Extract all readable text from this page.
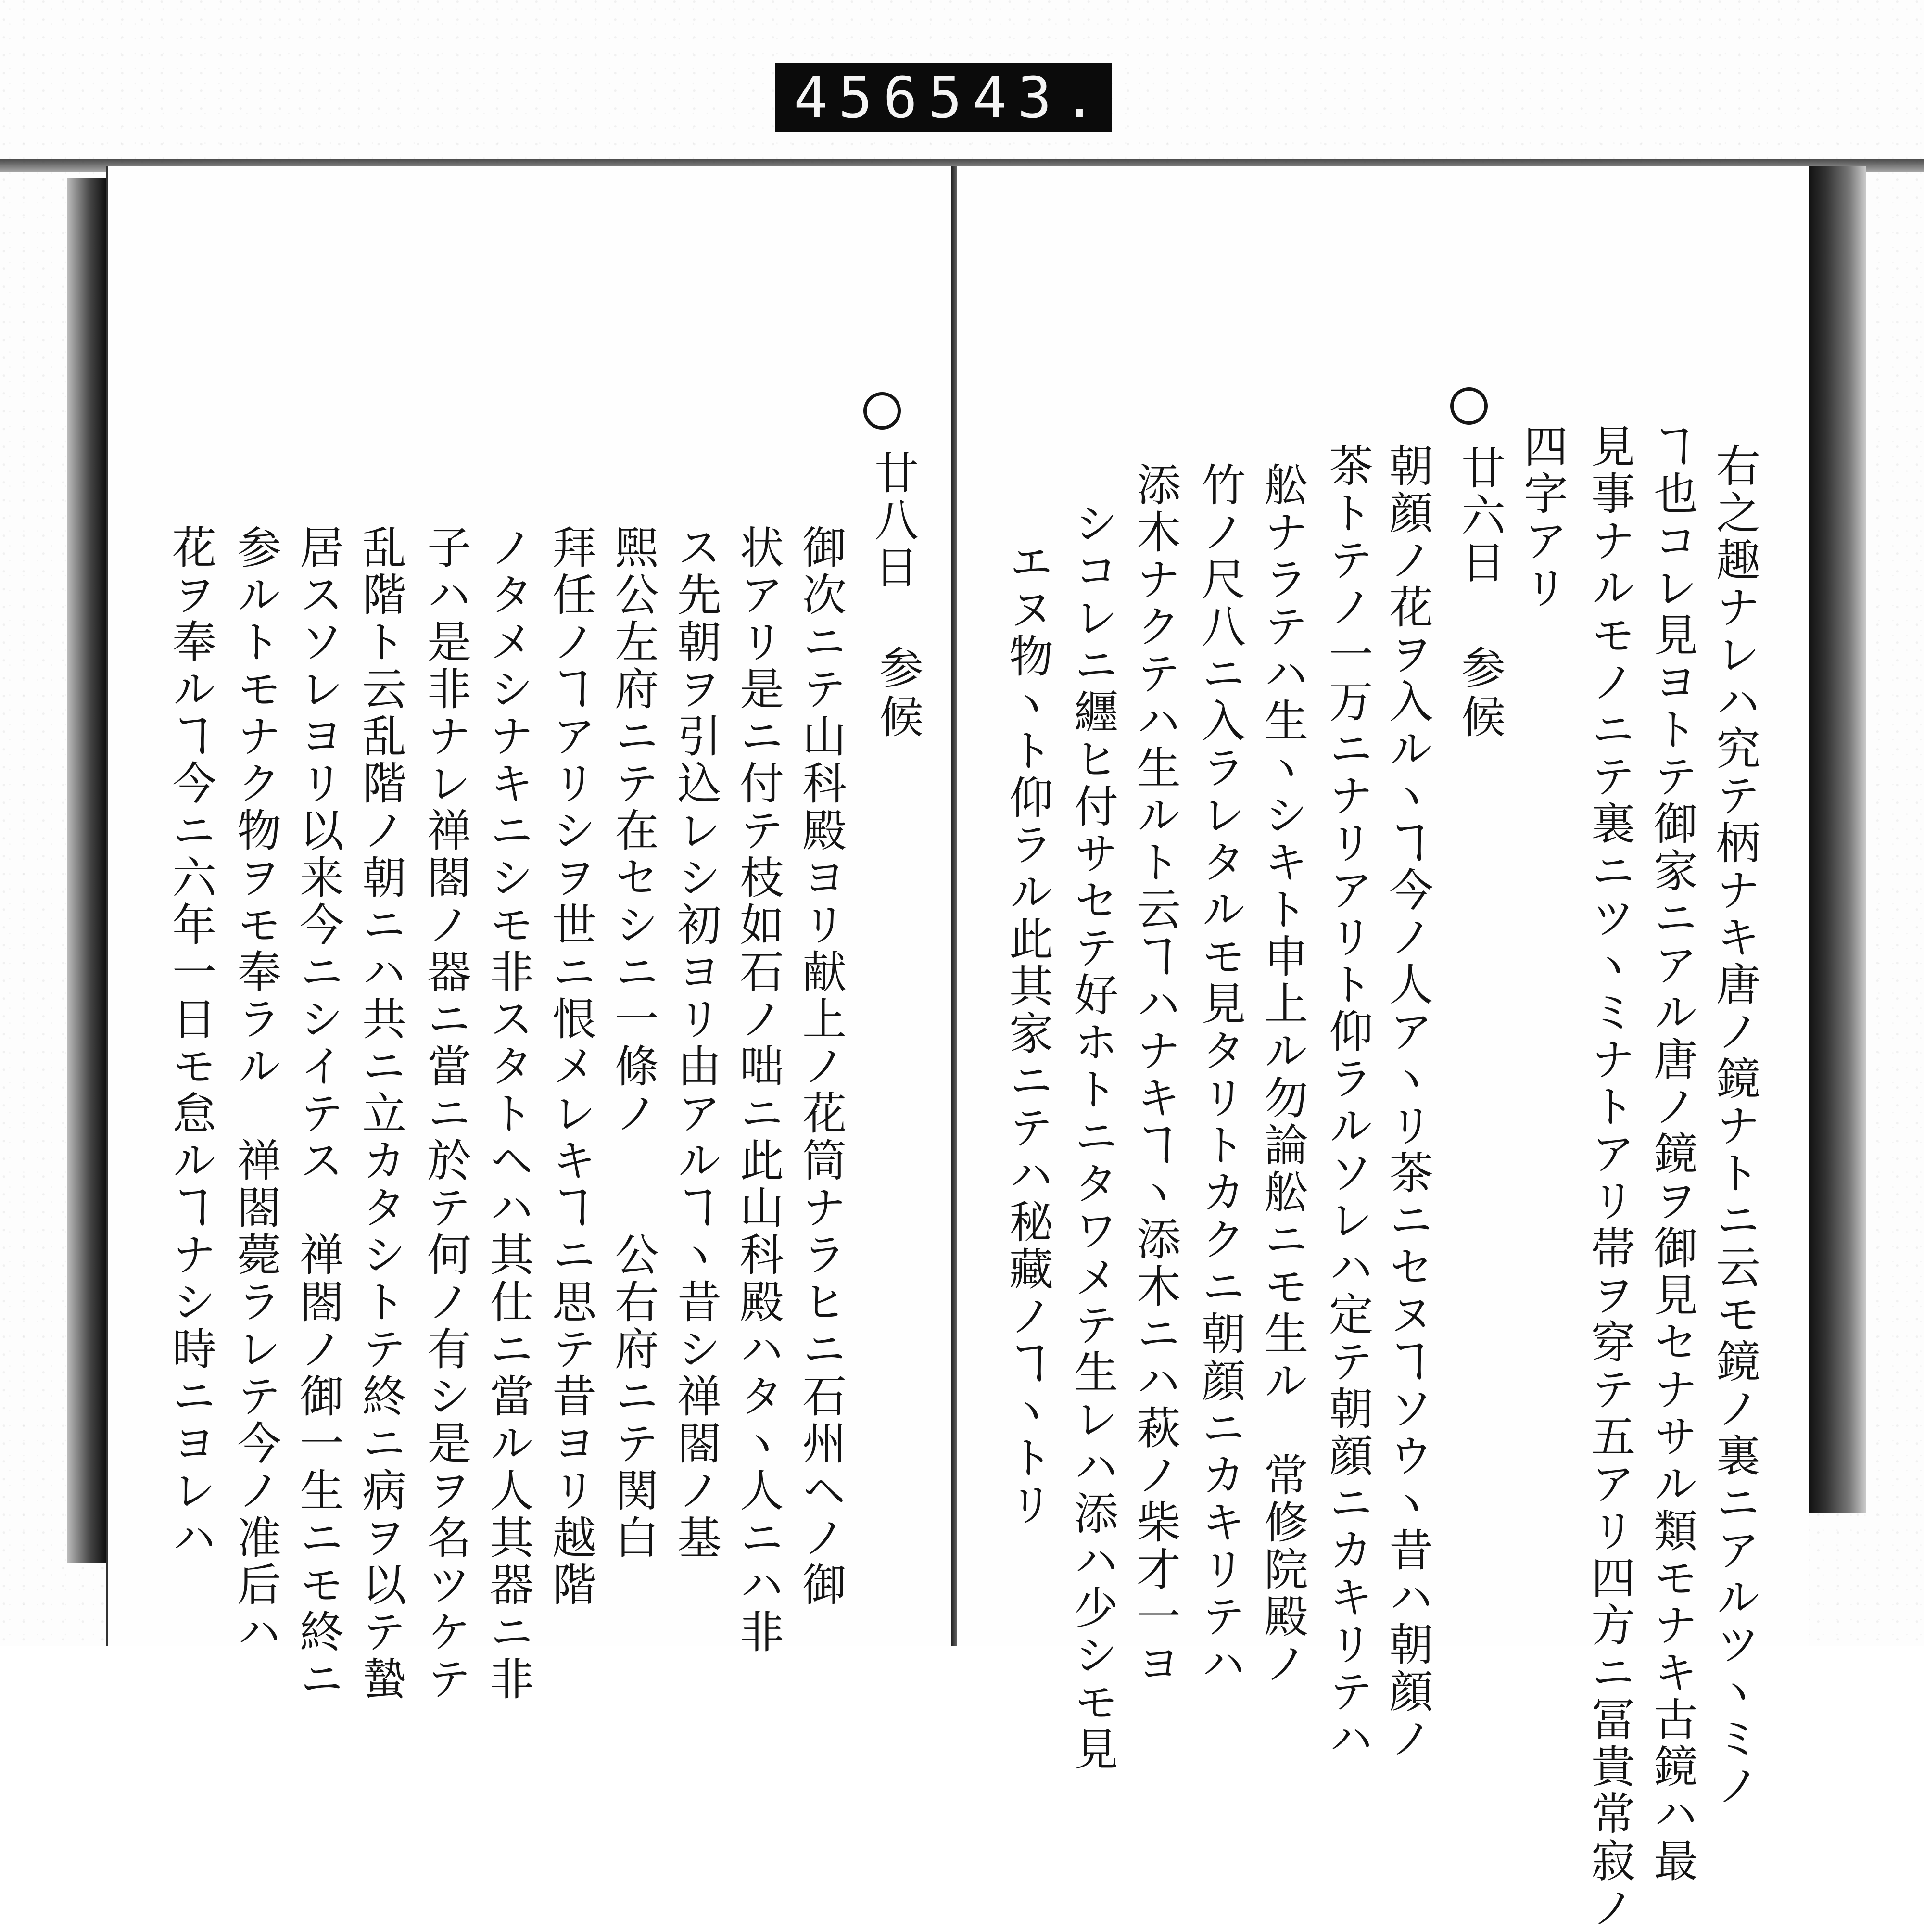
456 543.
右之趣ナレハ究テ柄ナキ唐ノ鏡ナトニ云モ鏡ノ裏ニアルツヽミノ
ヿ也コレ見ヨトテ御家ニアル唐ノ鏡ヲ御見セナサル類モナキ古鏡ハ最
見事ナルモノニテ裏ニツヽミナトアリ帯ヲ穿テ五アリ四方ニ冨貴常寂ノ
四字アリ
廿六日
参候
朝顔ノ花ヲ入ルヽヿ今ノ人アヽリ茶ニセヌヿソウヽ昔ハ朝顔ノ
茶トテノ一万ニナリアリト仰ラルソレハ定テ朝顔ニカキリテハ
舩ナラテハ生ヽシキト申上ル勿論舩ニモ生ル　常修院殿ノ
竹ノ尺八ニ入ラレタルモ見タリトカクニ朝顔ニカキリテハ
添木ナクテハ生ルト云ヿハナキヿヽ添木ニハ萩ノ柴才一ヨ
シコレニ纒ヒ付サセテ好ホトニタワメテ生レハ添ハ少シモ見
エヌ物ヽト仰ラル此其家ニテハ秘藏ノヿヽトリ
廿八日
参候
御次ニテ山科殿ヨリ献上ノ花筒ナラヒニ石州ヘノ御
状アリ是ニ付テ枝如石ノ咄ニ此山科殿ハタヽ人ニハ非
ス先朝ヲ引込レシ初ヨリ由アルヿヽ昔シ禅閤ノ基
煕公左府ニテ在セシニ一條ノ　　公右府ニテ関白
拜任ノヿアリシヲ世ニ恨メレキヿニ思テ昔ヨリ越階
ノタメシナキニシモ非スタトヘハ其仕ニ當ル人其器ニ非
子ハ是非ナレ禅閤ノ器ニ當ニ於テ何ノ有シ是ヲ名ツケテ
乱階ト云乱階ノ朝ニハ共ニ立カタシトテ終ニ病ヲ以テ蟄
居スソレヨリ以来今ニシイテス　禅閤ノ御一生ニモ終ニ
参ルトモナク物ヲモ奉ラル　禅閤薨ラレテ今ノ准后ハ
花ヲ奉ルヿ今ニ六年一日モ怠ルヿナシ時ニヨレハ
